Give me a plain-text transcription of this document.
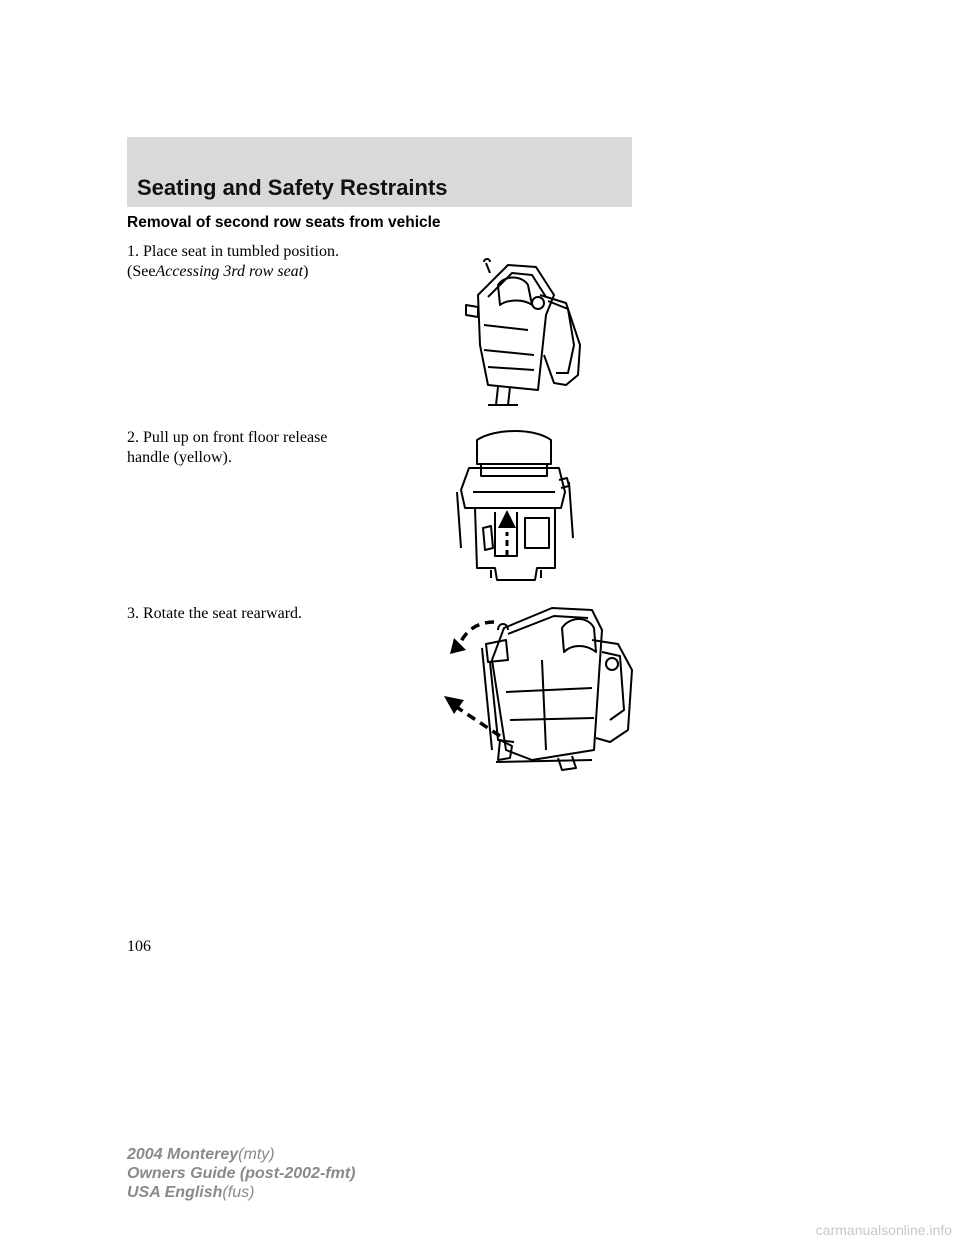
Seating and Safety Restraints
Removal of second row seats from vehicle
1. Place seat in tumbled position.
(SeeAccessing 3rd row seat)
2. Pull up on front floor release
handle (yellow).
3. Rotate the seat rearward.
106
2004 Monterey(mty)
Owners Guide (post-2002-fmt)
USA English(fus)
carmanualsonline.info
